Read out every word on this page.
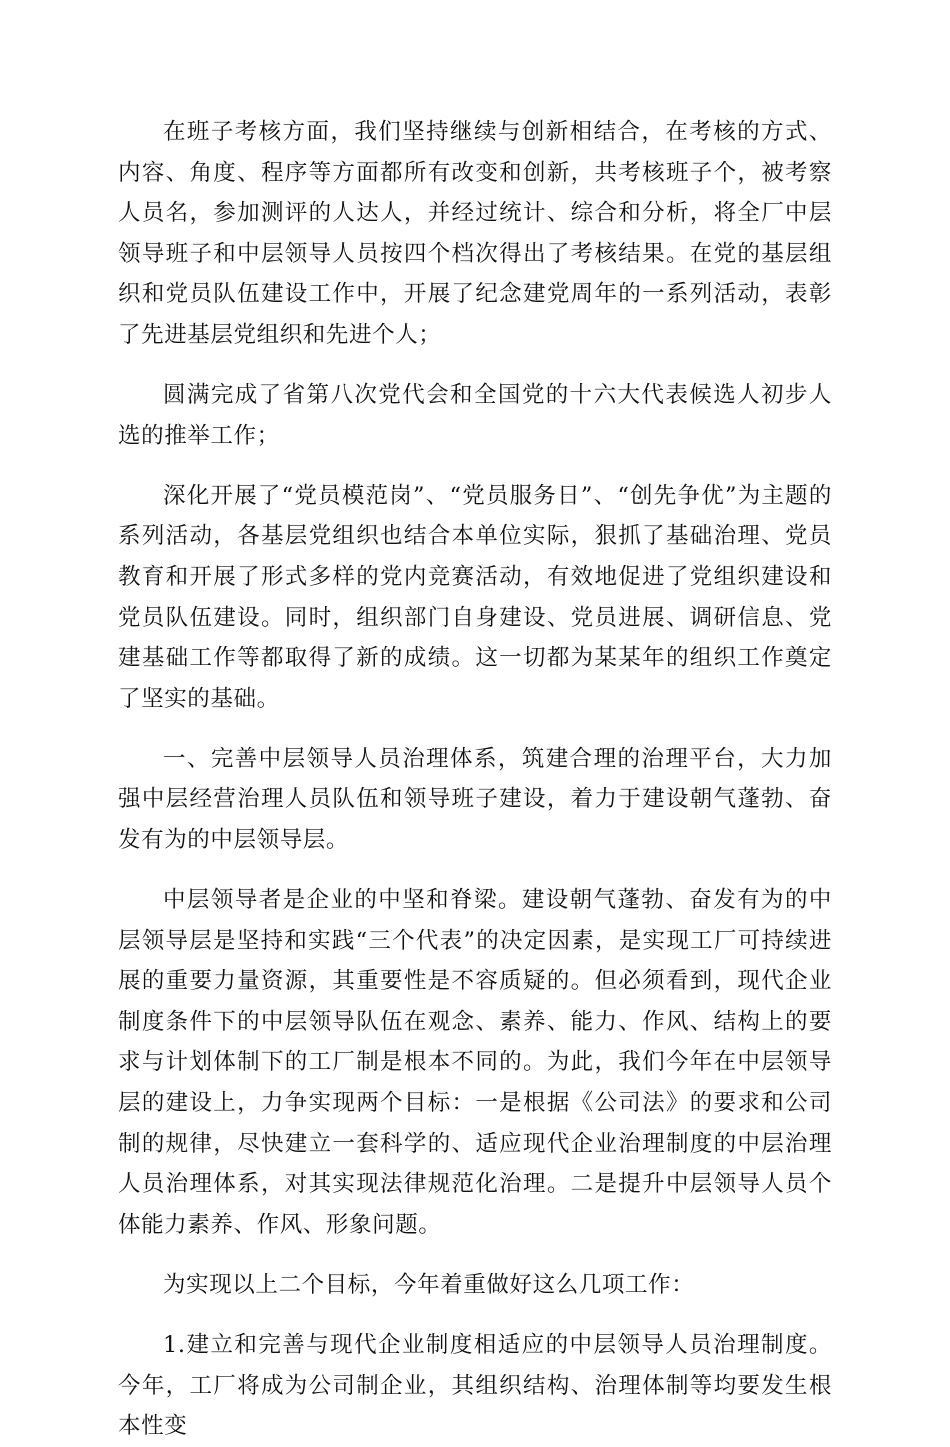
在班子考核方面，我们坚持继续与创新相结合，在考核的方式、内容、角度、程序等方面都所有改变和创新，共考核班子个，被考察人员名，参加测评的人达人，并经过统计、综合和分析，将全厂中层领导班子和中层领导人员按四个档次得出了考核结果。在党的基层组织和党员队伍建设工作中，开展了纪念建党周年的一系列活动，表彰了先进基层党组织和先进个人；

圆满完成了省第八次党代会和全国党的十六大代表候选人初步人选的推举工作；

深化开展了“党员模范岗”、“党员服务日”、“创先争优”为主题的系列活动，各基层党组织也结合本单位实际，狠抓了基础治理、党员教育和开展了形式多样的党内竞赛活动，有效地促进了党组织建设和党员队伍建设。同时，组织部门自身建设、党员进展、调研信息、党建基础工作等都取得了新的成绩。这一切都为某某年的组织工作奠定了坚实的基础。

一、完善中层领导人员治理体系，筑建合理的治理平台，大力加强中层经营治理人员队伍和领导班子建设，着力于建设朝气蓬勃、奋发有为的中层领导层。

中层领导者是企业的中坚和脊梁。建设朝气蓬勃、奋发有为的中层领导层是坚持和实践“三个代表”的决定因素，是实现工厂可持续进展的重要力量资源，其重要性是不容质疑的。但必须看到，现代企业制度条件下的中层领导队伍在观念、素养、能力、作风、结构上的要求与计划体制下的工厂制是根本不同的。为此，我们今年在中层领导层的建设上，力争实现两个目标：一是根据《公司法》的要求和公司制的规律，尽快建立一套科学的、适应现代企业治理制度的中层治理人员治理体系，对其实现法律规范化治理。二是提升中层领导人员个体能力素养、作风、形象问题。

为实现以上二个目标，今年着重做好这么几项工作：

1.建立和完善与现代企业制度相适应的中层领导人员治理制度。今年，工厂将成为公司制企业，其组织结构、治理体制等均要发生根本性变
